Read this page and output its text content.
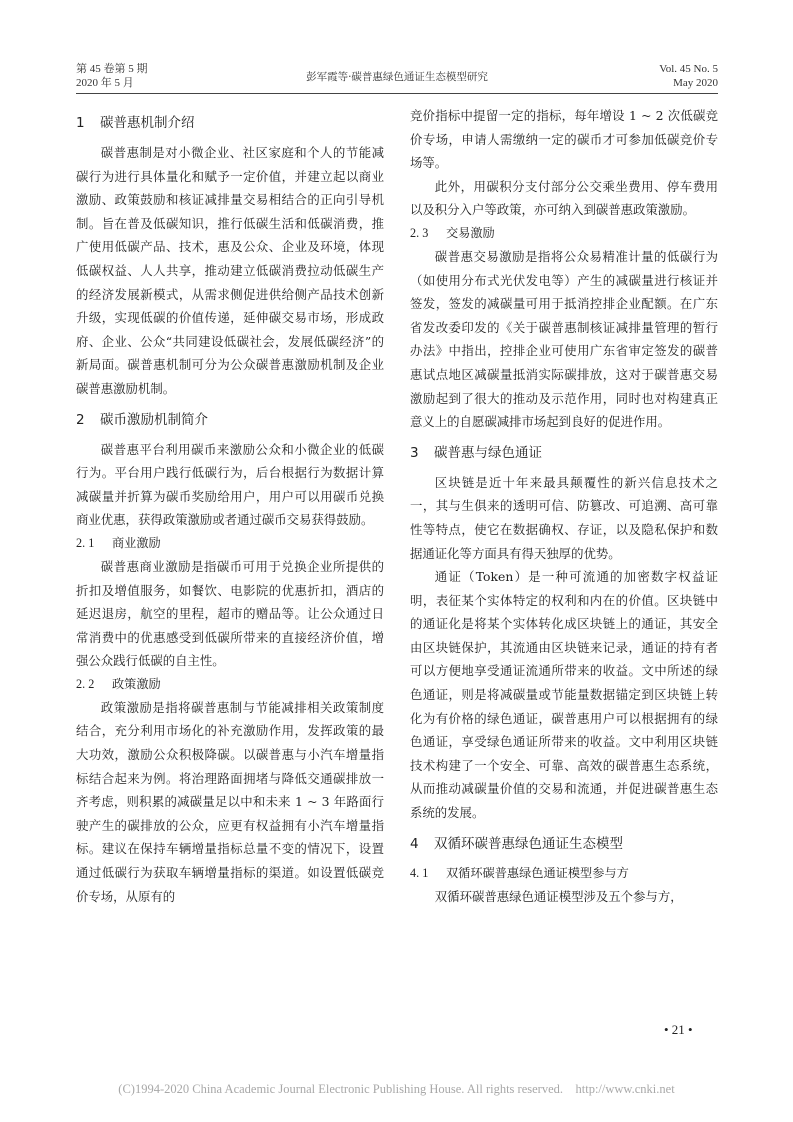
第 45 卷第 5 期
2020 年 5 月	彭军霞等·碳普惠绿色通证生态模型研究
Vol. 45 No. 5
May 2020
1 碳普惠机制介绍

碳普惠制是对小微企业、社区家庭和个人的节能减碳行为进行具体量化和赋予一定价值，并建立起以商业激励、政策鼓励和核证减排量交易相结合的正向引导机制。旨在普及低碳知识，推行低碳生活和低碳消费，推广使用低碳产品、技术，惠及公众、企业及环境，体现低碳权益、人人共享，推动建立低碳消费拉动低碳生产的经济发展新模式，从需求侧促进供给侧产品技术创新升级，实现低碳的价值传递，延伸碳交易市场，形成政府、企业、公众“共同建设低碳社会，发展低碳经济”的新局面。碳普惠机制可分为公众碳普惠激励机制及企业碳普惠激励机制。

2 碳币激励机制简介

碳普惠平台利用碳币来激励公众和小微企业的低碳行为。平台用户践行低碳行为，后台根据行为数据计算减碳量并折算为碳币奖励给用户，用户可以用碳币兑换商业优惠，获得政策激励或者通过碳币交易获得鼓励。

2. 1 商业激励

碳普惠商业激励是指碳币可用于兑换企业所提供的折扣及增值服务，如餐饮、电影院的优惠折扣，酒店的延迟退房，航空的里程，超市的赠品等。让公众通过日常消费中的优惠感受到低碳所带来的直接经济价值，增强公众践行低碳的自主性。

2. 2 政策激励

政策激励是指将碳普惠制与节能减排相关政策制度结合，充分利用市场化的补充激励作用，发挥政策的最大功效，激励公众积极降碳。以碳普惠与小汽车增量指标结合起来为例。将治理路面拥堵与降低交通碳排放一齐考虑，则积累的减碳量足以中和未来 1 ~ 3 年路面行驶产生的碳排放的公众，应更有权益拥有小汽车增量指标。建议在保持车辆增量指标总量不变的情况下，设置通过低碳行为获取车辆增量指标的渠道。如设置低碳竞价专场，从原有的

竞价指标中提留一定的指标，每年增设 1 ~ 2 次低碳竞价专场，申请人需缴纳一定的碳币才可参加低碳竞价专场等。

此外，用碳积分支付部分公交乘坐费用、停车费用以及积分入户等政策，亦可纳入到碳普惠政策激励。

2. 3 交易激励

碳普惠交易激励是指将公众易精准计量的低碳行为（如使用分布式光伏发电等）产生的减碳量进行核证并签发，签发的减碳量可用于抵消控排企业配额。在广东省发改委印发的《关于碳普惠制核证减排量管理的暂行办法》中指出，控排企业可使用广东省审定签发的碳普惠试点地区减碳量抵消实际碳排放，这对于碳普惠交易激励起到了很大的推动及示范作用，同时也对构建真正意义上的自愿碳减排市场起到良好的促进作用。

3 碳普惠与绿色通证

区块链是近十年来最具颠覆性的新兴信息技术之一，其与生俱来的透明可信、防篡改、可追溯、高可靠性等特点，使它在数据确权、存证，以及隐私保护和数据通证化等方面具有得天独厚的优势。

通证（Token）是一种可流通的加密数字权益证明，表征某个实体特定的权利和内在的价值。区块链中的通证化是将某个实体转化成区块链上的通证，其安全由区块链保护，其流通由区块链来记录，通证的持有者可以方便地享受通证流通所带来的收益。文中所述的绿色通证，则是将减碳量或节能量数据锚定到区块链上转化为有价格的绿色通证，碳普惠用户可以根据拥有的绿色通证，享受绿色通证所带来的收益。文中利用区块链技术构建了一个安全、可靠、高效的碳普惠生态系统，从而推动减碳量价值的交易和流通，并促进碳普惠生态系统的发展。

4 双循环碳普惠绿色通证生态模型
4. 1 双循环碳普惠绿色通证模型参与方

双循环碳普惠绿色通证模型涉及五个参与方，

• 21 •
(C)1994-2020 China Academic Journal Electronic Publishing House. All rights reserved.    http://www.cnki.net
